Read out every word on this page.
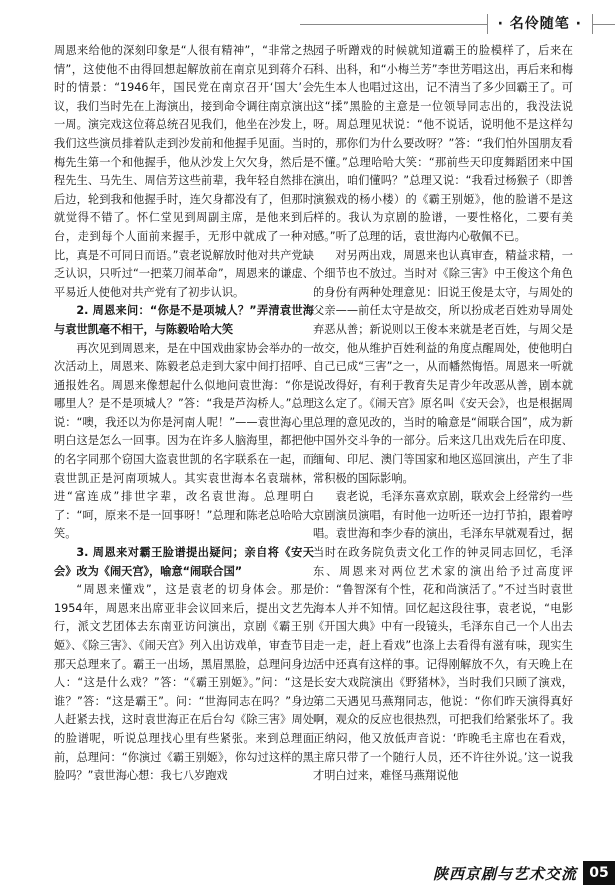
· 名伶随笔 ·

周恩来给他的深刻印象是“人很有精神”，“非常之热情”，这使他不由得回想起解放前在南京见到蒋介石时的情景：“1946年，国民党在南京召开‘国大’会议，我们当时先在上海演出，接到命令调往南京演出一周。演完戏这位蒋总统召见我们，他坐在沙发上，我们这些演员排着队走到沙发前和他握手见面。当时梅先生第一个和他握手，他从沙发上欠欠身，然后是程先生、马先生、周信芳这些前辈，我年轻自然排在后边，轮到我和他握手时，连欠身都没有了，但那时就觉得不错了。怀仁堂见到周副主席，是他来到后台，走到每个人面前来握手，无形中就成了一种对比，真是不可同日而语。”袁老说解放时他对共产党缺乏认识，只听过“一把菜刀闹革命”，周恩来的谦虚、平易近人使他对共产党有了初步认识。

2. 周恩来问：“你是不是项城人？”弄清袁世海与袁世凯毫不相干，与陈毅哈哈大笑

再次见到周恩来，是在中国戏曲家协会举办的一次活动上，周恩来、陈毅老总走到大家中间打招呼、通报姓名。周恩来像想起什么似地问袁世海：“你是哪里人？是不是项城人？”答：“我是芦沟桥人。”总理说：“噢，我还以为你是河南人呢！”——袁世海心里明白这是怎么一回事。因为在许多人脑海里，都把他的名字同那个窃国大盗袁世凯的名字联系在一起，而袁世凯正是河南项城人。其实袁世海本名袁瑞林，进“富连成”排世字辈，改名袁世海。总理明白了：“呵，原来不是一回事呀！”总理和陈老总哈哈大笑。

3. 周恩来对霸王脸谱提出疑问；亲自将《安天会》改为《闹天宫》，喻意“闹联合国”

“周恩来懂戏”，这是袁老的切身体会。那是1954年，周恩来出席亚非会议回来后，提出文艺先行，派文艺团体去东南亚访问演出，京剧《霸王别姬》、《除三害》、《闹天宫》列入出访戏单，审查节目那天总理来了。霸王一出场，黑眉黑脸，总理问身边人：“这是什么戏？”答：“《霸王别姬》。”问：“这是谁？”答：“这是霸王”。问：“世海同志在吗？”身边人赶紧去找，这时袁世海正在后台勾《除三害》周处的脸谱呢，听说总理找心里有些紧张。来到总理面前，总理问：“你演过《霸王别姬》，你勾过这样的黑脸吗？”袁世海心想：我七八岁跑戏

园子听蹭戏的时候就知道霸王的脸模样了，后来在科、出科，和“小梅兰芳”李世芳唱这出，再后来和梅先生本人也唱过这出，记不清当了多少回霸王了。可这“揉”黑脸的主意是一位领导同志出的，我没法说呀。周总理见状说：“他不说话，说明他不是这样勾的，那你们为什么要改呀？”答：“我们怕外国朋友看不懂。”总理哈哈大笑：“那前些天印度舞蹈团来中国演出，咱们懂吗？”总理又说：“我看过杨猴子（即善演猴戏的杨小楼）的《霸王别姬》，他的脸谱不是这样的。我认为京剧的脸谱，一要性格化，二要有美感。”听了总理的话，袁世海内心敬佩不已。

对另两出戏，周恩来也认真审查，精益求精，一个细节也不放过。当时对《除三害》中王俊这个角色的身份有两种处理意见：旧说王俊是太守，与周处的父亲——前任太守是故交，所以扮成老百姓劝导周处弃恶从善；新说则以王俊本来就是老百姓，与周父是故交，他从维护百姓利益的角度点醒周处，使他明白自己已成“三害”之一，从而幡然悔悟。周恩来一听就说改得好，有利于教育失足青少年改恶从善，剧本就这么定了。《闹天宫》原名叫《安天会》，也是根据周总理的意见改的，当时的喻意是“闹联合国”，成为新中国外交斗争的一部分。后来这几出戏先后在印度、缅甸、印尼、澳门等国家和地区巡回演出，产生了非常积极的国际影响。

袁老说，毛泽东喜欢京剧，联欢会上经常约一些京剧演员演唱，有时他一边听还一边打节拍，跟着哼唱。袁世海和李少春的演出，毛泽东早就观看过，据当时在政务院负责文化工作的钟灵同志回忆，毛泽东、周恩来对两位艺术家的演出给予过高度评价：“鲁智深有个性，花和尚演活了。”不过当时袁世海本人并不知情。回忆起这段往事，袁老说，“电影《开国大典》中有一段镜头，毛泽东自己一个人出去走一走，赶上看戏”也涤上去看得有滋有味，现实生活中还真有这样的事。记得刚解放不久，有天晚上在长安大戏院演出《野猪林》，当时我们只顾了演戏，第二天遇见马燕翔同志，他说：“你们昨天演得真好啊，观众的反应也很热烈，可把我们给紧张坏了。我正纳闷，他又放低声音说：‘昨晚毛主席也在看戏，主席只带了一个随行人员，还不许往外说。’这一说我才明白过来，难怪马燕翔说他

陕西京剧与艺术交流 05
